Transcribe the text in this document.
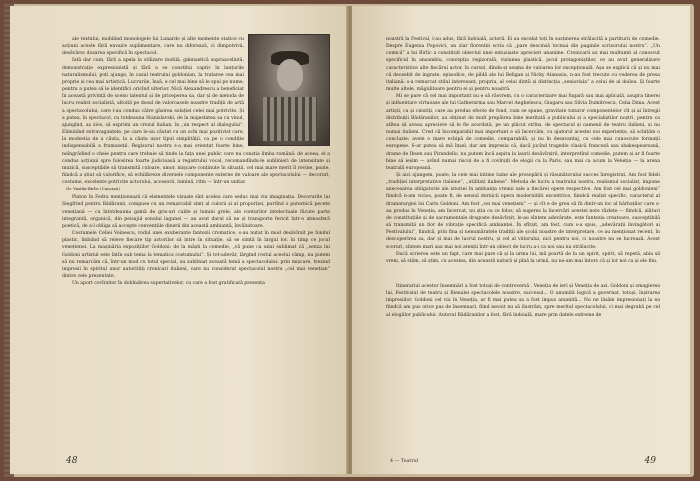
ale textului, mobilind monologele lui Lunardo și alte momente statice cu acțiuni aceste fără envaire suplimentare, care nu diforează, ci dimpotrivă, desăvârsc dozarea specifică în spectacol.

Iată dar cum, fără a apela la stilizare inutilă, gimnastică supraacelintă, demonstrație expresionistă și fără a se constitui captiv în lanțurile naturalismului, poți ajunge, în cazul teatrului goldonian, la trataree cea mai proprie și cea mai artistică. Lucrurile, însă, e cel mai bine să le spui pe nume, pentru a putea să le identifici oricînd ulterior. Nică Alexandrescu a beneficiat în această privință de sceno talentul și de priceperea sa, dar și de metoda de lucru realist socialistă, altoită pe dosul de valoroasele noastre tradiții de artă a spectacolului, care l-au condus către găsirea soluției celei mai potrivite. Și a putea, în spectacol, cu totdeauna Stanislavski, de la majestatea sa cu vinul, ajungînd, aș zice, să exprimi un crezul italian, în „un respect al dialogului”. Eliminînd extravaganțele, pe care le-au căutat cu un ochi mai pozitivist care, la modestia de a căuta, la a căuta ușor tipul simplității, ca pe o condiție indispensabilă a frumuseții. Regizorul nostru s-a mai orientat foarte bine, neîngrădind o cheie pentru care trebuie să tinde la fața unei public care nu conștia limba română: de aceea, el a condus acțiunii spre folosirea foarte judicioasă a registrului vocal, recomandîndu-le sublinieri de intensitate și muzică, susceptibile să transmită culoare, umor, mișcare conținute în situații, cel mai mare merit îl revine, poate, fiindcă a știut să valorifice, să echilibreze diversele componente externe de valoare ale spectacolului — decoruri, costume, excelente potrivite actorului, accesorii, lumină, ritm — într-un unitar.

Gr. Vasiliu-Birlic (Cancian)

Platon în Fedra menționează că elementele vizuale sînt acelea care seduc mai viu imaginația. Decorurile lui Siegfried pentru Bădăranii, compuse cu un remarcabil simț al culorii și al proporției, purtînd o puternică pecete venețiană — ca întotdeauna gamă de gris-uri calde și lumini grele, ale conturilor intelectuale făcute parte integrantă, organică, din peisajul sonului lagunei — au avut darul să ne și transporte fericit într-o atmosferă poetică, de a-l obliga să accepte convențiile dinerii din această ambianță, învăluitoare.

Costumele Celiei Voinescu, rodul unei exuberante fantezii cromatice, s-au nutat în mod desăvîrșit pe fondul plastic, îmbiind să releve fiecare tip actorilor să intre în situație, să se simtă în largul lor, în timp ce jocul venețienei. La mașinăria expozițiilor Goldoni: de la măști la comedie, „vă pune ca unui sublimat că „senza lui Goldoni artistul este întîn sub tema la tematica costumului”. Și tot-adevăr, lărgind rostul acestui câmp, nu putem să nu remarcăm că, într-un mod cu totul special, au subliniat această temă a spectacolului: prin mișcare, trezind impresii în spiritul unor autorități cronicari italieni, care nu considerat spectacolul nostru „cel mai venețian” dintre cele prezentate.

Un aport covîrșitor în dobîndirea supertativelor, cu care a fost gratificată prezența

48

noastră la Festival, l-au adus, fără îndoială, actorii. Ei au excelat toți în susținerea strălucită a partiturii de comedie. Despre Eugenia Popovici, un ziar florentin scria că „pare descinsă tocmai din paginile scrisorului nostru”. „Un comică” a lui Birlic a constituit obiectul unei entuziaste aprecieri unanime. Cronicarii au mai multumit al conoscut specificul în ansamblu, concepția regizorală, viziunea plastică, jocul protagoniștilor, ce au avut generalizare caracteristice alte fiecărui actor, în cursul, dîndu-și seama de valoarea lor excepțională. Așa se explică că și nu mai că deosebit de ingrate, episodice, de pildă ale lui Beligan și Nicky Atanasiu, n-au fost trecute cu vederea de presa italiană: s-a remarcat stilul interesant, propriu, al celui dintîi și distincția „senioriala” a celui de al doilea. Și foarte multe altele, măgulitoare pentru ei și pentru noastră.

Mi se pare că cel mai important nu e să răsvrem, cu o caracterizare mai fugară sau mai aplicată, asupra tinerei și influentare virtuoase ale lui Gatherarma sau Marcel Anghelescu, Giugaru sau Silvia Dumitrescu, Celia Dima. Acest artiști, ca și cinstiți, care au produs efecte de fond, cum se spune, gravitate tuturor componentelor cît și ai întregii distribuții Bădăranilor, au obținut de mult prepăirea bine meritată a publicului și a specialiștilor noștri, pentru ca atîtea să aveau apreciere să le fie acordată, pe un plăcut strîns, de spectacol și oamenii de teatru italieni, și nu numai italieni. Cred că încomparabil mai important e să încercăm, cu ajutorul acestei noi experiențe, să schițăm o concluzie: avem o mare echipă de comedie, comparabilă, și nu în desavantaj, cu cele mai cunoscute formații europene. S-ar putea să mă înșel, dar am impresia că, dacă jucînd tragedie clasică franceză sau shakespeareană, drame de Ibsen sau Pirandello, nu putem încă aspira la laurii desăvîrșirii, interpretînd comedie, putem și ar fi foarte bine să ieșim — avînd numai riscul de a fi covîrșiți de elogii ca la Paris, sau mai ca acum la Veneția — la arena teatrală europeană.

Și aici ajungem, poate, la cele mai intime taine ale prosopării și răsunătorului succes înregistrat. Am fost fideli „tradiției interpretative italiene”, „utilitați italiene”. Metoda de lucru a teatrului nostru, realismul socialist, impune anecesarea obligatorie ale istoriei în ambianța vremii sale a fiecărei opere respective. Am fost cel mai goldonieni” fiindcă n-am vicios, poate fi, de sensul dornicii opera modernităti excentrice, fiindcă realist specific, caracterul al dramaturgiei lui Carlo Goldoni. Am fost „cei mai venețieni” — și cît e de greu să fii dintr-un loc al bărbaților care s-au produs în Veneția, am încercat, nu știu cu ce folos, să sugerez la încercări acestei note răzlețe — fiindcă, alături de constituțiile și de sacramentale dragoste desăvîrșit, le-au sîntem adevărate, este fantezia creatoare, susceptibilă să transmită un fior de vibrație specifică ambianței. În sfîrșit, am fost, cum s-a spus, „adevărații învingători ai Festivalului”, fiindcă, prin fina și nenumăratele tradiții ale școlii noastre de interpretare, ce au menționat recent, în descoperirea sa, dar și mai de lucrul nostru, și cel al viitorului, nici pentru noi, ci noastre nu se lucrează. Acest scoruri, sîntem mari sau mai noi atenții într-un obiect de lucru a-i ca noi sau nu strălucite.

Dacă scrierea este un fapt, care mai pare că și la urma lui, mă poartă de la un spirit, spirit, să repetă, abia să vrem, să stăm, să știm, cu acestea, din această natură și pînă la urmă, nu ne-am mai întors că și lor noi ca și ele fim.

Itinerariul acestor însemnări a fost totuși de controversă . Veneția de ieri și Veneția de azi. Goldoni și omagierea lui, Festivalul de teatru și Bienalei spectacolele noastre, succesul... O anumită logică a guvernat, totuși, înșirarea impresiilor. Goldoni cel viu în Veneția, ar fi mai putea sa a fost impus anumită... Nu ne lăsăm impresionați la ea fiindcă am pus orice pas de însemnari, fiind nevoit nu să ilustrăm, spre meritul spectacolului, ci mai degrabă pe cel al elogiilor publicului. Autorul Bădăranilor a fost, fără îndoială, mare prin datele extreme de

4 — Teatrul	49
